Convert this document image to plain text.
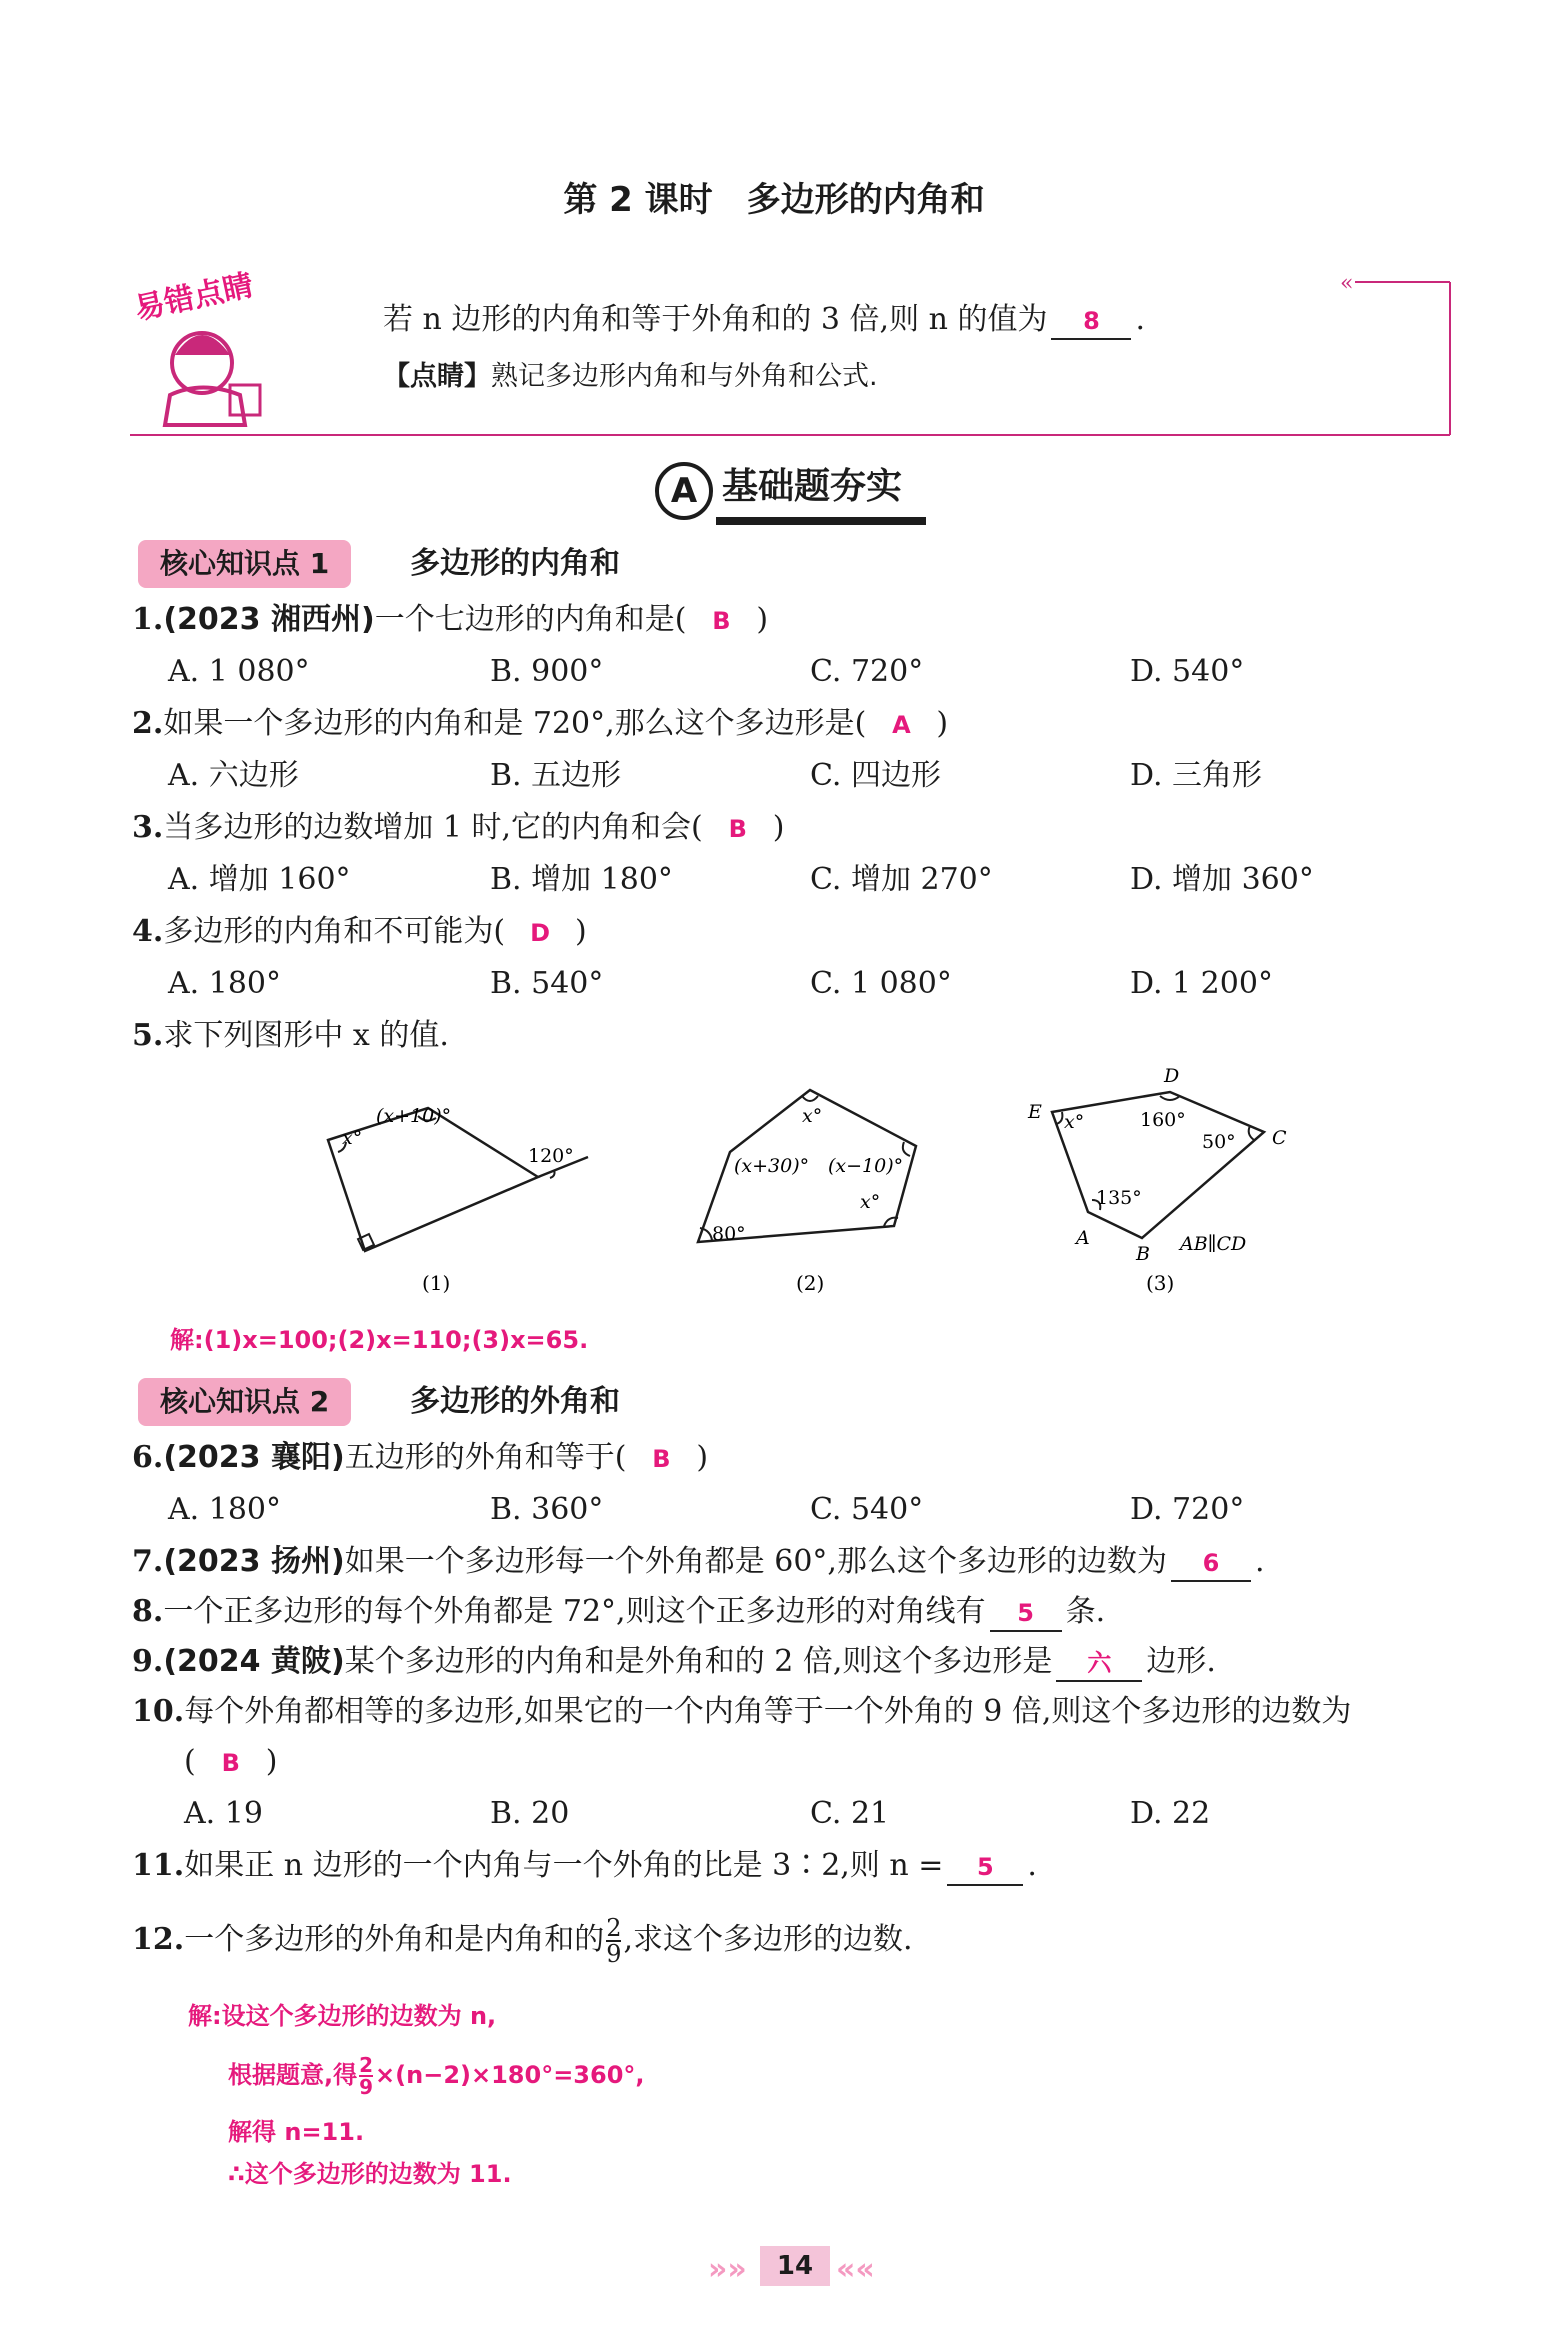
第 2 课时　多边形的内角和
«
易错点睛	若 n 边形的内角和等于外角和的 3 倍,则 n 的值为 8 .
【点睛】熟记多边形内角和与外角和公式.
A 基础题夯实
核心知识点 1	多边形的内角和
1.(2023 湘西州)一个七边形的内角和是( B )
A. 1 080°	B. 900°	C. 720°	D. 540°
2.如果一个多边形的内角和是 720°,那么这个多边形是( A )
A. 六边形	B. 五边形	C. 四边形	D. 三角形
3.当多边形的边数增加 1 时,它的内角和会( B )
A. 增加 160°	B. 增加 180°	C. 增加 270°	D. 增加 360°
4.多边形的内角和不可能为( D )
A. 180°	B. 540°	C. 1 080°	D. 1 200°
5.求下列图形中 x 的值.
x°
(x+10)°
120°
(1)
x°
(x+30)° (x−10)°
x°
80°
(2)
D
E
C
A
B
x°	160°
50°
135°
AB∥CD
(3)
解:(1)x=100;(2)x=110;(3)x=65.
核心知识点 2	多边形的外角和
6.(2023 襄阳)五边形的外角和等于( B )
A. 180°	B. 360°	C. 540°	D. 720°
7.(2023 扬州)如果一个多边形每一个外角都是 60°,那么这个多边形的边数为 6 .
8.一个正多边形的每个外角都是 72°,则这个正多边形的对角线有 5 条.
9.(2024 黄陂)某个多边形的内角和是外角和的 2 倍,则这个多边形是 六 边形.
10.每个外角都相等的多边形,如果它的一个内角等于一个外角的 9 倍,则这个多边形的边数为
( B )
A. 19	B. 20	C. 21	D. 22
11.如果正 n 边形的一个内角与一个外角的比是 3∶2,则 n = 5 .
12.一个多边形的外角和是内角和的 $\frac{2}{9}$ ,求这个多边形的边数.
解:设这个多边形的边数为 n,
根据题意,得 $\frac{2}{9} \times(n-2)\times 180^\circ=360^\circ$,
解得 n=11.
∴这个多边形的边数为 11.
»»	14 ««
